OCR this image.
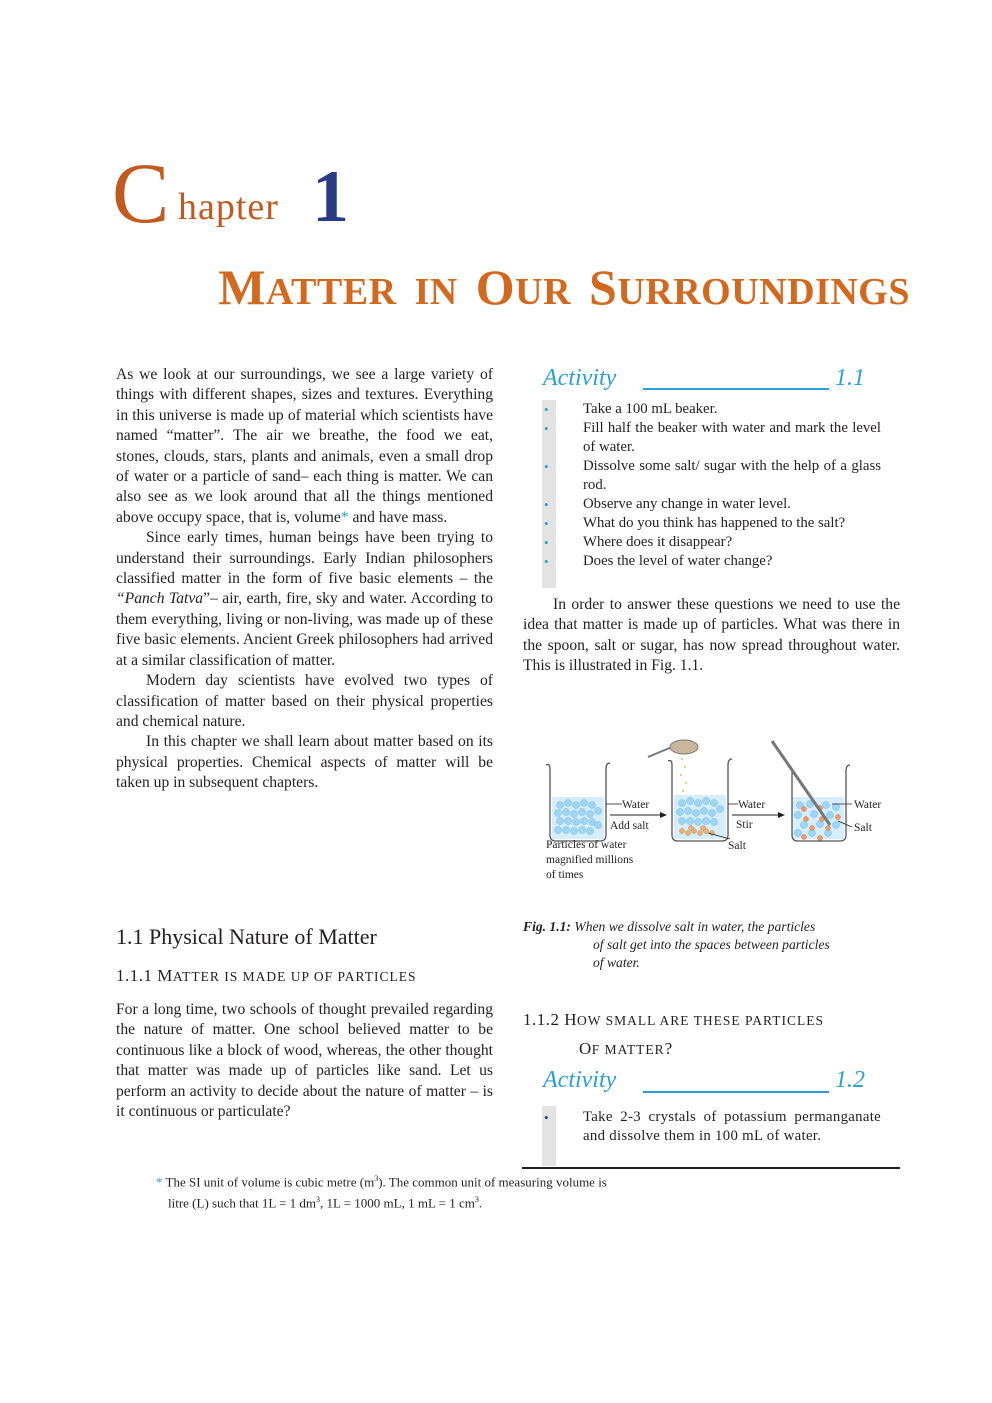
C hapter 1
MATTER IN OUR SURROUNDINGS

As we look at our surroundings, we see a large variety of things with different shapes, sizes and textures. Everything in this universe is made up of material which scientists have named “matter”. The air we breathe, the food we eat, stones, clouds, stars, plants and animals, even a small drop of water or a particle of sand– each thing is matter. We can also see as we look around that all the things mentioned above occupy space, that is, volume* and have mass.

Since early times, human beings have been trying to understand their surroundings. Early Indian philosophers classified matter in the form of five basic elements – the “Panch Tatva”– air, earth, fire, sky and water. According to them everything, living or non-living, was made up of these five basic elements. Ancient Greek philosophers had arrived at a similar classification of matter.

Modern day scientists have evolved two types of classification of matter based on their physical properties and chemical nature.

In this chapter we shall learn about matter based on its physical properties. Chemical aspects of matter will be taken up in subsequent chapters.

1.1 Physical Nature of Matter
1.1.1 MATTER IS MADE UP OF PARTICLES

For a long time, two schools of thought prevailed regarding the nature of matter. One school believed matter to be continuous like a block of wood, whereas, the other thought that matter was made up of particles like sand. Let us perform an activity to decide about the nature of matter – is it continuous or particulate?

Activity	1.1
• Take a 100 mL beaker.
• Fill half the beaker with water and mark the level of water.
• Dissolve some salt/ sugar with the help of a glass rod.
• Observe any change in water level.
• What do you think has happened to the salt?
• Where does it disappear?
• Does the level of water change?

In order to answer these questions we need to use the idea that matter is made up of particles. What was there in the spoon, salt or sugar, has now spread throughout water. This is illustrated in Fig. 1.1.

Water
Add salt
Particles of water
magnified millions
of times
Water
Stir
Salt
Water
Salt
Fig. 1.1: When we dissolve salt in water, the particles
of salt get into the spaces between particles
of water.
1.1.2 HOW SMALL ARE THESE PARTICLES
OF MATTER?
Activity	1.2
• Take 2-3 crystals of potassium permanganate and dissolve them in 100 mL of water.
* The SI unit of volume is cubic metre $(m^3)$. The common unit of measuring volume is
litre (L) such that 1L = 1 $dm^3$, 1L = 1000 mL, 1 mL = 1 $cm^3$.
